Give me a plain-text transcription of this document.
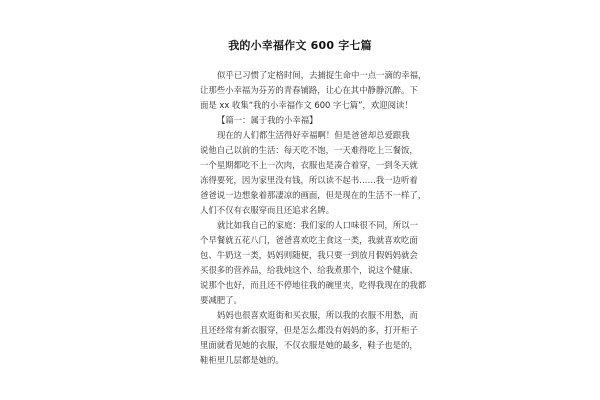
我的小幸福作文 600 字七篇
似乎已习惯了定格时间，去捕捉生命中一点一滴的幸福，
让那些小幸福为芬芳的青春铺路，让心在其中静静沉醉。下
面是 xx 收集“我的小幸福作文 600 字七篇”，欢迎阅读！
【篇一：属于我的小幸福】
现在的人们都生活得好幸福啊！但是爸爸却总爱跟我
说他自己以前的生活：每天吃不饱，一天难得吃上三餐饭，
一个星期都吃不上一次肉，衣服也是凑合着穿，一到冬天就
冻得要死，因为家里没有钱，所以读不起书……我一边听着
爸爸说一边想象着那凄凉的画面，但是现在的生活不一样了，
人们不仅有衣服穿而且还追求名牌。
就比如我自己的家庭：我们家的人口味很不同，所以一
个早餐就五花八门，爸爸喜欢吃主食这一类，我就喜欢吃面
包、牛奶这一类，妈妈则随便，我只要一到放月假妈妈就会
买很多的营养品，给我炖这个、给我煮那个，说这个健康、
说那个也好，而且还不停地往我的碗里夹，吃得我现在的我都
要减肥了。
妈妈也很喜欢逛街和买衣服，所以我的衣服不用愁，而
且还经常有新衣服穿，但是怎么都没有妈妈的多，打开柜子
里面就看见她的衣服，不仅衣服是她的最多，鞋子也是的，
鞋柜里几层都是她的。
